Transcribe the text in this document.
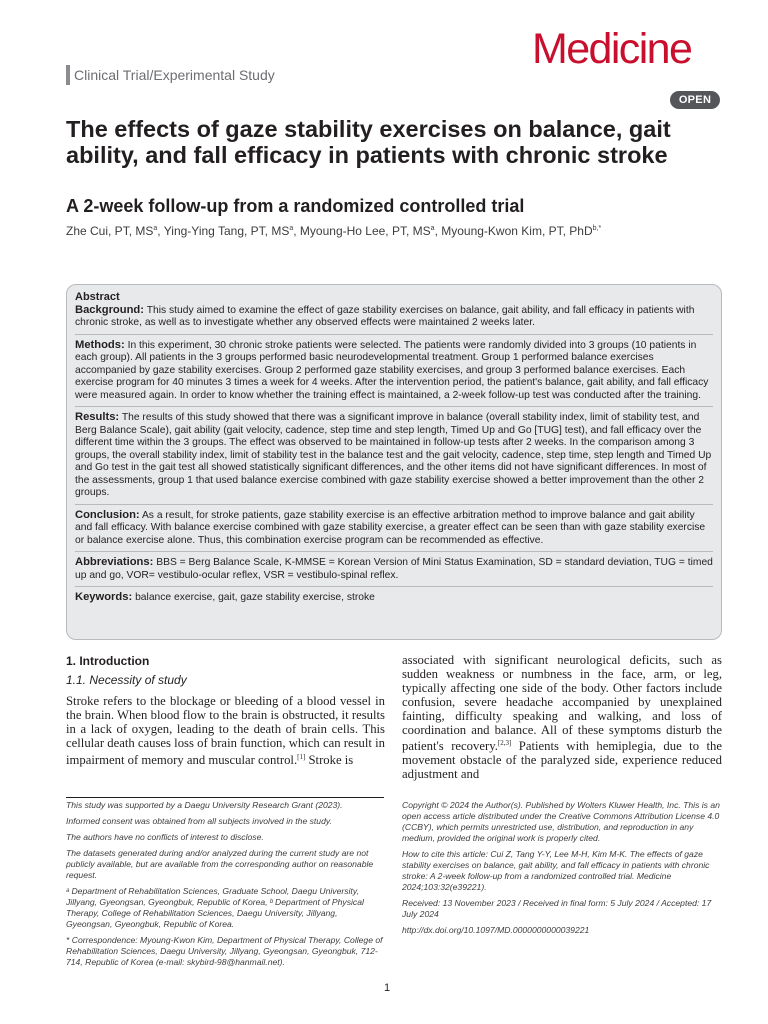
Clinical Trial/Experimental Study
Medicine
OPEN
The effects of gaze stability exercises on balance, gait ability, and fall efficacy in patients with chronic stroke
A 2-week follow-up from a randomized controlled trial
Zhe Cui, PT, $MS^a$, Ying-Ying Tang, PT, $MS^a$, Myoung-Ho Lee, PT, $MS^a$, Myoung-Kwon Kim, PT, PhD$^{b,*}$
Abstract
Background: This study aimed to examine the effect of gaze stability exercises on balance, gait ability, and fall efficacy in patients with chronic stroke, as well as to investigate whether any observed effects were maintained 2 weeks later.
Methods: In this experiment, 30 chronic stroke patients were selected. The patients were randomly divided into 3 groups (10 patients in each group). All patients in the 3 groups performed basic neurodevelopmental treatment. Group 1 performed balance exercises accompanied by gaze stability exercises. Group 2 performed gaze stability exercises, and group 3 performed balance exercises. Each exercise program for 40 minutes 3 times a week for 4 weeks. After the intervention period, the patient's balance, gait ability, and fall efficacy were measured again. In order to know whether the training effect is maintained, a 2-week follow-up test was conducted after the training.
Results: The results of this study showed that there was a significant improve in balance (overall stability index, limit of stability test, and Berg Balance Scale), gait ability (gait velocity, cadence, step time and step length, Timed Up and Go [TUG] test), and fall efficacy over the different time within the 3 groups. The effect was observed to be maintained in follow-up tests after 2 weeks. In the comparison among 3 groups, the overall stability index, limit of stability test in the balance test and the gait velocity, cadence, step time, step length and Timed Up and Go test in the gait test all showed statistically significant differences, and the other items did not have significant differences. In most of the assessments, group 1 that used balance exercise combined with gaze stability exercise showed a better improvement than the other 2 groups.
Conclusion: As a result, for stroke patients, gaze stability exercise is an effective arbitration method to improve balance and gait ability and fall efficacy. With balance exercise combined with gaze stability exercise, a greater effect can be seen than with gaze stability exercise or balance exercise alone. Thus, this combination exercise program can be recommended as effective.
Abbreviations: BBS = Berg Balance Scale, K-MMSE = Korean Version of Mini Status Examination, SD = standard deviation, TUG = timed up and go, VOR= vestibulo-ocular reflex, VSR = vestibulo-spinal reflex.
Keywords: balance exercise, gait, gaze stability exercise, stroke
1. Introduction
1.1. Necessity of study

Stroke refers to the blockage or bleeding of a blood vessel in the brain. When blood flow to the brain is obstructed, it results in a lack of oxygen, leading to the death of brain cells. This cellular death causes loss of brain function, which can result in impairment of memory and muscular control.[1] Stroke is

associated with significant neurological deficits, such as sudden weakness or numbness in the face, arm, or leg, typically affecting one side of the body. Other factors include confusion, severe headache accompanied by unexplained fainting, difficulty speaking and walking, and loss of coordination and balance. All of these symptoms disturb the patient's recovery.[2,3] Patients with hemiplegia, due to the movement obstacle of the paralyzed side, experience reduced adjustment and

This study was supported by a Daegu University Research Grant (2023).

Informed consent was obtained from all subjects involved in the study.

The authors have no conflicts of interest to disclose.

The datasets generated during and/or analyzed during the current study are not publicly available, but are available from the corresponding author on reasonable request.

ᵃ Department of Rehabilitation Sciences, Graduate School, Daegu University, Jillyang, Gyeongsan, Gyeongbuk, Republic of Korea, ᵇ Department of Physical Therapy, College of Rehabilitation Sciences, Daegu University, Jillyang, Gyeongsan, Gyeongbuk, Republic of Korea.

* Correspondence: Myoung-Kwon Kim, Department of Physical Therapy, College of Rehabilitation Sciences, Daegu University, Jillyang, Gyeongsan, Gyeongbuk, 712-714, Republic of Korea (e-mail: skybird-98@hanmail.net).

Copyright © 2024 the Author(s). Published by Wolters Kluwer Health, Inc. This is an open access article distributed under the Creative Commons Attribution License 4.0 (CCBY), which permits unrestricted use, distribution, and reproduction in any medium, provided the original work is properly cited.

How to cite this article: Cui Z, Tang Y-Y, Lee M-H, Kim M-K. The effects of gaze stability exercises on balance, gait ability, and fall efficacy in patients with chronic stroke: A 2-week follow-up from a randomized controlled trial. Medicine 2024;103:32(e39221).

Received: 13 November 2023 / Received in final form: 5 July 2024 / Accepted: 17 July 2024

http://dx.doi.org/10.1097/MD.0000000000039221

1
